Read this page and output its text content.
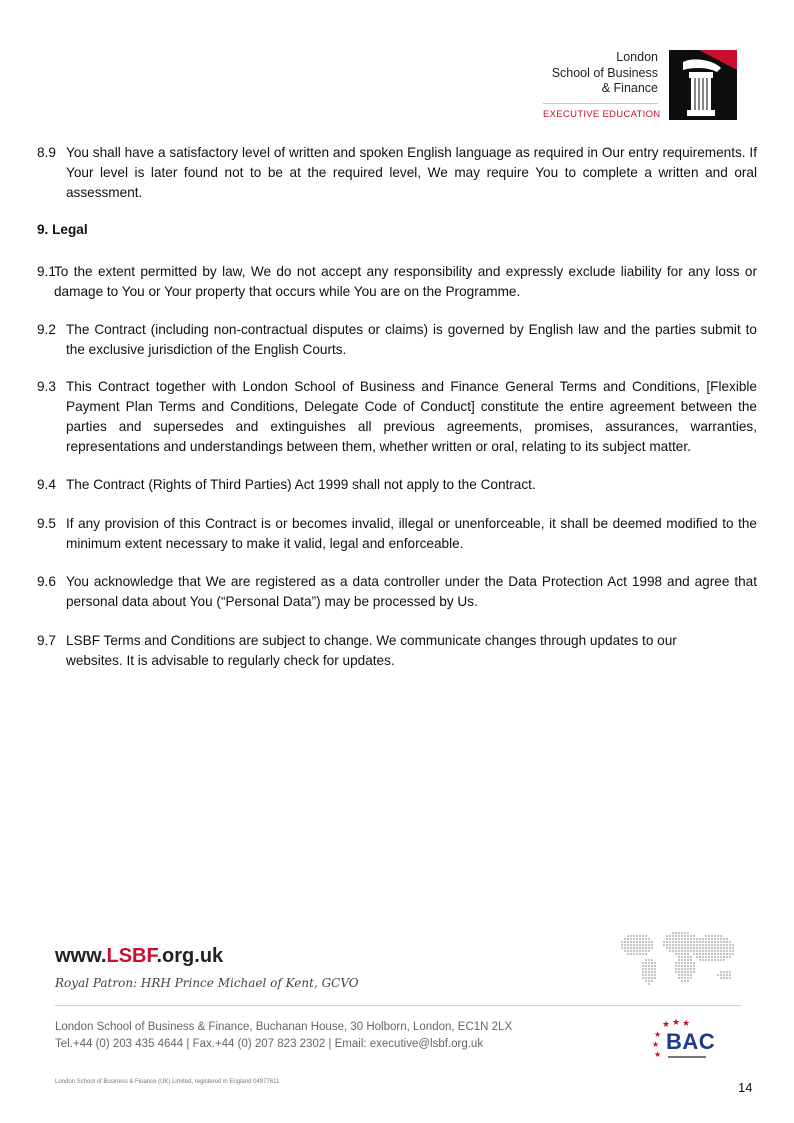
London
School of Business
& Finance
EXECUTIVE EDUCATION
8.9 You shall have a satisfactory level of written and spoken English language as required in Our entry requirements. If Your level is later found not to be at the required level, We may require You to complete a written and oral assessment.
9. Legal
9.1
To the extent permitted by law, We do not accept any responsibility and expressly exclude liability for any loss or damage to You or Your property that occurs while You are on the Programme.
9.2 The Contract (including non-contractual disputes or claims) is governed by English law and the parties submit to the exclusive jurisdiction of the English Courts.
9.3 This Contract together with London School of Business and Finance General Terms and Conditions, [Flexible Payment Plan Terms and Conditions, Delegate Code of Conduct] constitute the entire agreement between the parties and supersedes and extinguishes all previous agreements, promises, assurances, warranties, representations and understandings between them, whether written or oral, relating to its subject matter.
9.4 The Contract (Rights of Third Parties) Act 1999 shall not apply to the Contract.
9.5 If any provision of this Contract is or becomes invalid, illegal or unenforceable, it shall be deemed modified to the minimum extent necessary to make it valid, legal and enforceable.
9.6 You acknowledge that We are registered as a data controller under the Data Protection Act 1998 and agree that personal data about You (“Personal Data”) may be processed by Us.
9.7 LSBF Terms and Conditions are subject to change. We communicate changes through updates to our websites. It is advisable to regularly check for updates.
www.LSBF.org.uk
Royal Patron: HRH Prince Michael of Kent, GCVO
London School of Business & Finance, Buchanan House, 30 Holborn, London, EC1N 2LX
Tel.+44 (0) 203 435 4644 | Fax.+44 (0) 207 823 2302 | Email: executive@lsbf.org.uk
★ ★ ★
★
★
★
BAC
London School of Business & Finance (UK) Limited, registered in England 04977611	14
